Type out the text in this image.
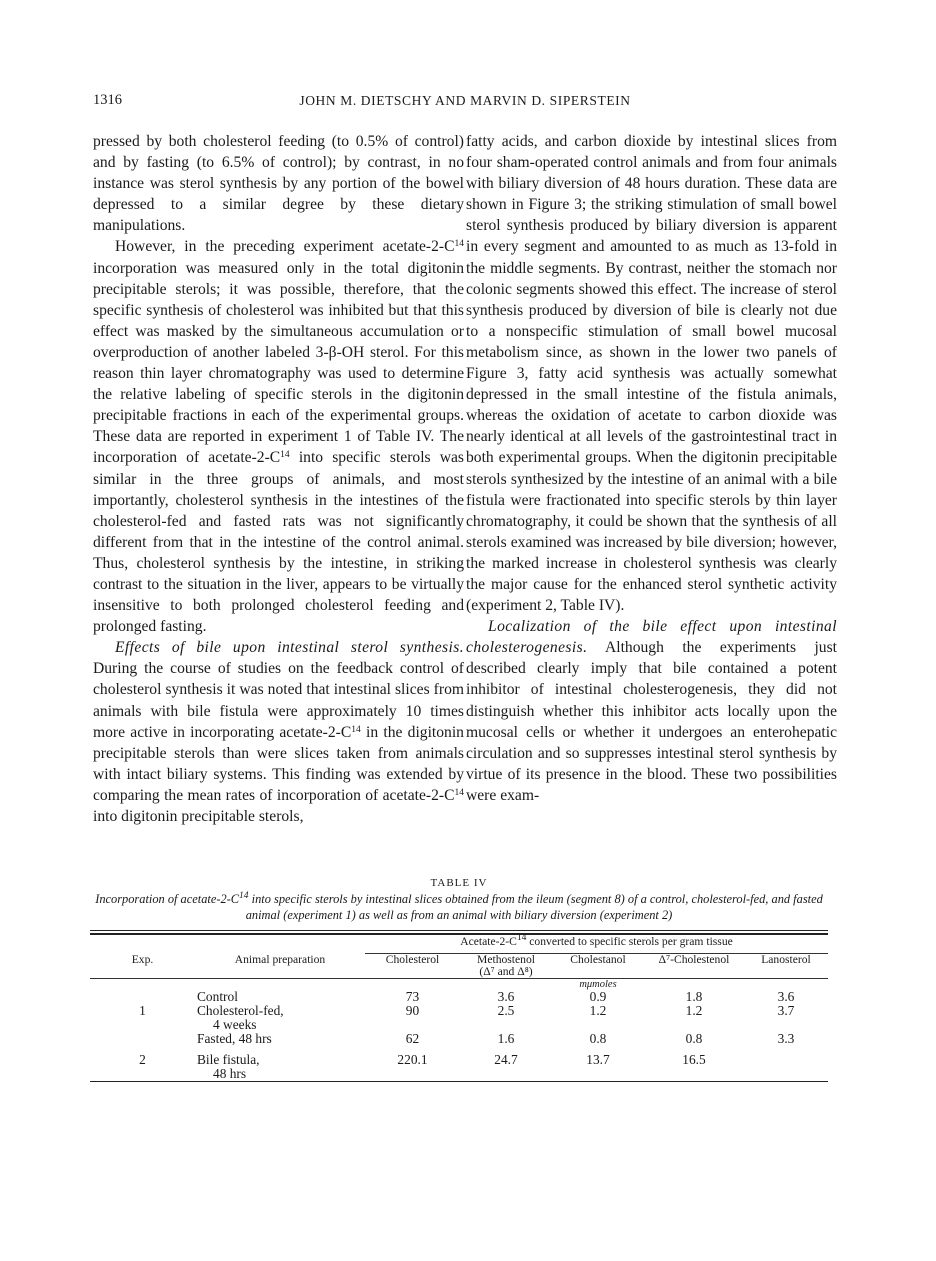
1316	JOHN M. DIETSCHY AND MARVIN D. SIPERSTEIN

pressed by both cholesterol feeding (to 0.5% of control) and by fasting (to 6.5% of control); by contrast, in no instance was sterol synthesis by any portion of the bowel depressed to a similar degree by these dietary manipulations.

However, in the preceding experiment acetate-$2-C^{14}$ incorporation was measured only in the total digitonin precipitable sterols; it was possible, therefore, that the specific synthesis of cholesterol was inhibited but that this effect was masked by the simultaneous accumulation or overproduction of another labeled 3-β-OH sterol. For this reason thin layer chromatography was used to determine the relative labeling of specific sterols in the digitonin precipitable fractions in each of the experimental groups. These data are reported in experiment 1 of Table IV. The incorporation of acetate-$2-C^{14}$ into specific sterols was similar in the three groups of animals, and most importantly, cholesterol synthesis in the intestines of the cholesterol-fed and fasted rats was not significantly different from that in the intestine of the control animal. Thus, cholesterol synthesis by the intestine, in striking contrast to the situation in the liver, appears to be virtually insensitive to both prolonged cholesterol feeding and prolonged fasting.

Effects of bile upon intestinal sterol synthesis. During the course of studies on the feedback control of cholesterol synthesis it was noted that intestinal slices from animals with bile fistula were approximately 10 times more active in incorporating acetate-$2-C^{14}$ in the digitonin precipitable sterols than were slices taken from animals with intact biliary systems. This finding was extended by comparing the mean rates of incorporation of acetate-$2-C^{14}$ into digitonin precipitable sterols,

fatty acids, and carbon dioxide by intestinal slices from four sham-operated control animals and from four animals with biliary diversion of 48 hours duration. These data are shown in Figure 3; the striking stimulation of small bowel sterol synthesis produced by biliary diversion is apparent in every segment and amounted to as much as 13-fold in the middle segments. By contrast, neither the stomach nor colonic segments showed this effect. The increase of sterol synthesis produced by diversion of bile is clearly not due to a nonspecific stimulation of small bowel mucosal metabolism since, as shown in the lower two panels of Figure 3, fatty acid synthesis was actually somewhat depressed in the small intestine of the fistula animals, whereas the oxidation of acetate to carbon dioxide was nearly identical at all levels of the gastrointestinal tract in both experimental groups. When the digitonin precipitable sterols synthesized by the intestine of an animal with a bile fistula were fractionated into specific sterols by thin layer chromatography, it could be shown that the synthesis of all sterols examined was increased by bile diversion; however, the marked increase in cholesterol synthesis was clearly the major cause for the enhanced sterol synthetic activity (experiment 2, Table IV).

Localization of the bile effect upon intestinal cholesterogenesis. Although the experiments just described clearly imply that bile contained a potent inhibitor of intestinal cholesterogenesis, they did not distinguish whether this inhibitor acts locally upon the mucosal cells or whether it undergoes an enterohepatic circulation and so suppresses intestinal sterol synthesis by virtue of its presence in the blood. These two possibilities were exam-

TABLE IV
Incorporation of acetate-$2-C^{14}$ into specific sterols by intestinal slices obtained from the ileum (segment 8) of a control, cholesterol-fed, and fasted animal (experiment 1) as well as from an animal with biliary diversion (experiment 2)

		Acetate-$2-C^{14}$ converted to specific sterols per gram tissue				

Exp.	Animal preparation	Cholesterol	Methostenol
(Δ⁷ and Δ⁸)	Cholestanol	Δ⁷-Cholestenol	Lanosterol
				mμmoles		
	Control	73	3.6	0.9	1.8	3.6
1	Cholesterol-fed,
4 weeks	90	2.5	1.2	1.2	3.7
	Fasted, 48 hrs	62	1.6	0.8	0.8	3.3
2	Bile fistula,
48 hrs	220.1	24.7	13.7	16.5	
